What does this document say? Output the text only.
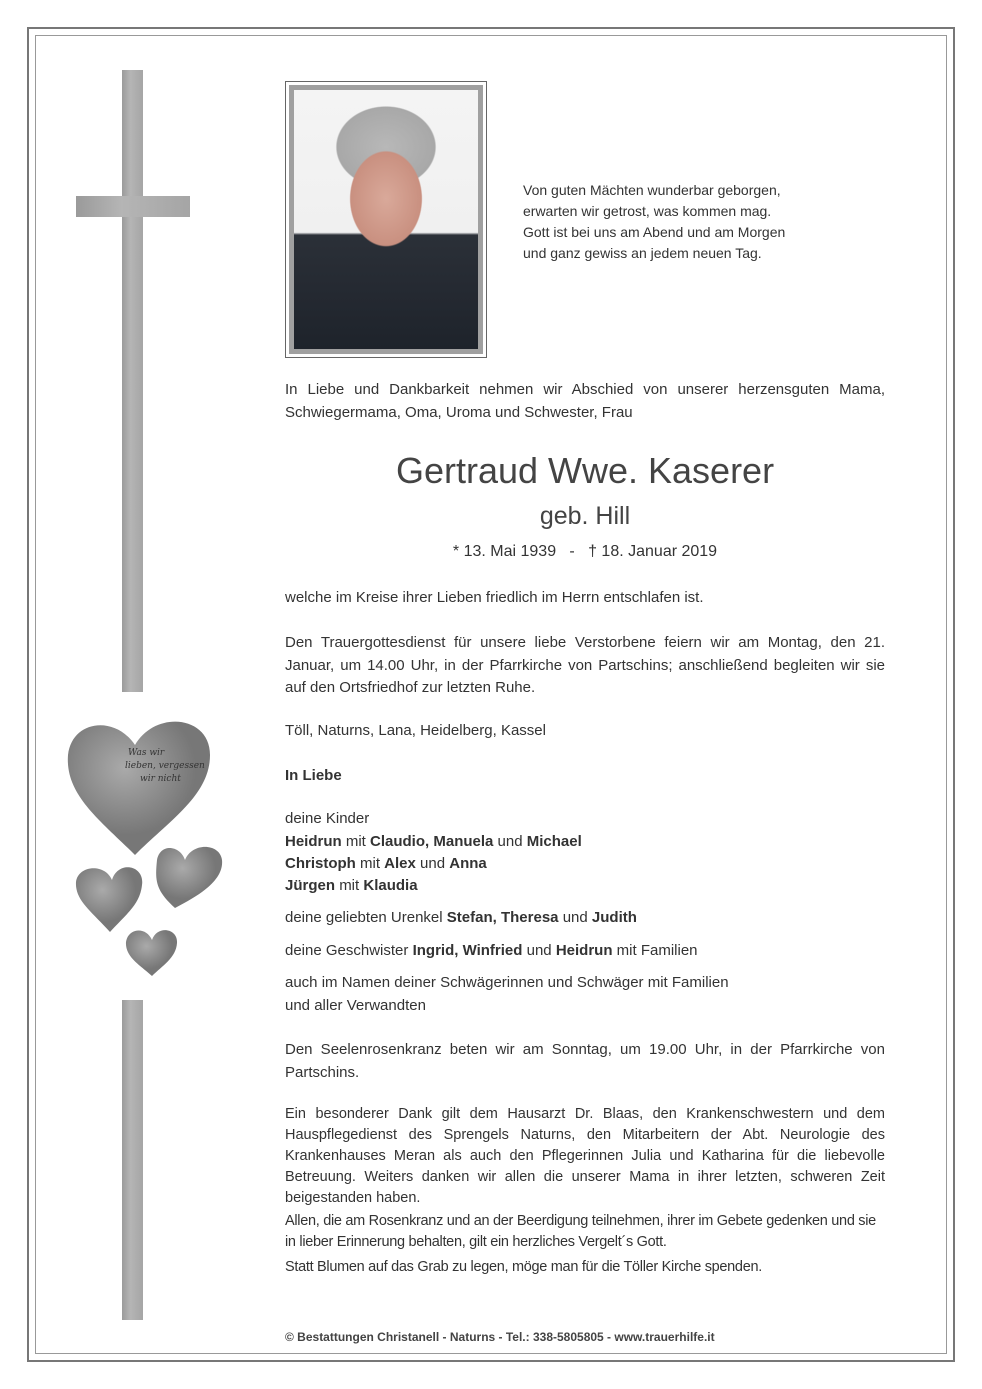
Was wir
lieben, vergessen
wir nicht
Von guten Mächten wunderbar geborgen,
erwarten wir getrost, was kommen mag.
Gott ist bei uns am Abend und am Morgen
und ganz gewiss an jedem neuen Tag.
In Liebe und Dankbarkeit nehmen wir Abschied von unserer herzensguten Mama, Schwiegermama, Oma, Uroma und Schwester, Frau
Gertraud Wwe. Kaserer
geb. Hill
* 13. Mai 1939   -   † 18. Januar 2019
welche im Kreise ihrer Lieben friedlich im Herrn entschlafen ist.
Den Trauergottesdienst für unsere liebe Verstorbene feiern wir am Montag, den 21. Januar, um 14.00 Uhr, in der Pfarrkirche von Partschins; anschließend begleiten wir sie auf den Ortsfriedhof zur letzten Ruhe.
Töll, Naturns, Lana, Heidelberg, Kassel
In Liebe
deine Kinder
Heidrun mit Claudio, Manuela und Michael
Christoph mit Alex und Anna
Jürgen mit Klaudia
deine geliebten Urenkel Stefan, Theresa und Judith
deine Geschwister Ingrid, Winfried und Heidrun mit Familien
auch im Namen deiner Schwägerinnen und Schwäger mit Familien
und aller Verwandten
Den Seelenrosenkranz beten wir am Sonntag, um 19.00 Uhr, in der Pfarrkirche von Partschins.
Ein besonderer Dank gilt dem Hausarzt Dr. Blaas, den Krankenschwestern und dem Hauspflegedienst des Sprengels Naturns, den Mitarbeitern der Abt. Neurologie des Krankenhauses Meran als auch den Pflegerinnen Julia und Katharina für die liebevolle Betreuung. Weiters danken wir allen die unserer Mama in ihrer letzten, schweren Zeit beigestanden haben.
Allen, die am Rosenkranz und an der Beerdigung teilnehmen, ihrer im Gebete gedenken und sie in lieber Erinnerung behalten, gilt ein herzliches Vergelt´s Gott.
Statt Blumen auf das Grab zu legen, möge man für die Töller Kirche spenden.
© Bestattungen Christanell - Naturns - Tel.: 338-5805805 - www.trauerhilfe.it
